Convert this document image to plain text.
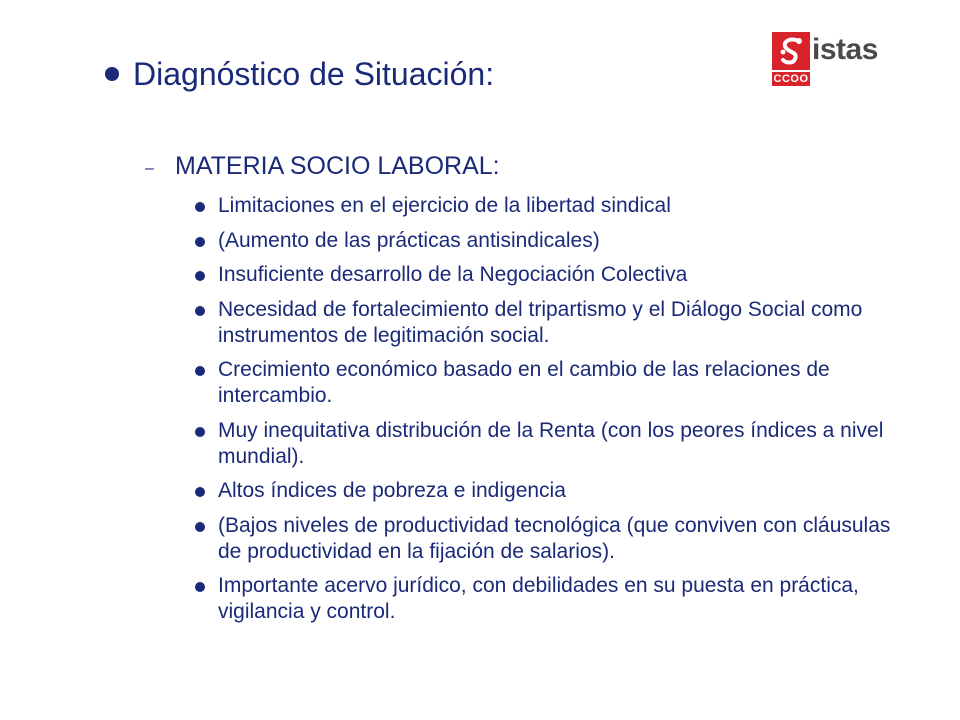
istas
CCOO
Diagnóstico de Situación:
– MATERIA SOCIO LABORAL:
Limitaciones en el ejercicio de la libertad sindical
(Aumento de las prácticas antisindicales)
Insuficiente desarrollo de la Negociación Colectiva
Necesidad de fortalecimiento del tripartismo y el Diálogo Social como instrumentos de legitimación social.
Crecimiento económico basado en el cambio de las relaciones de intercambio.
Muy inequitativa distribución de la Renta (con los peores índices a nivel mundial).
Altos índices de pobreza e indigencia
(Bajos niveles de productividad tecnológica (que conviven con cláusulas de productividad en la fijación de salarios).
Importante acervo jurídico, con debilidades en su puesta en práctica, vigilancia y control.
